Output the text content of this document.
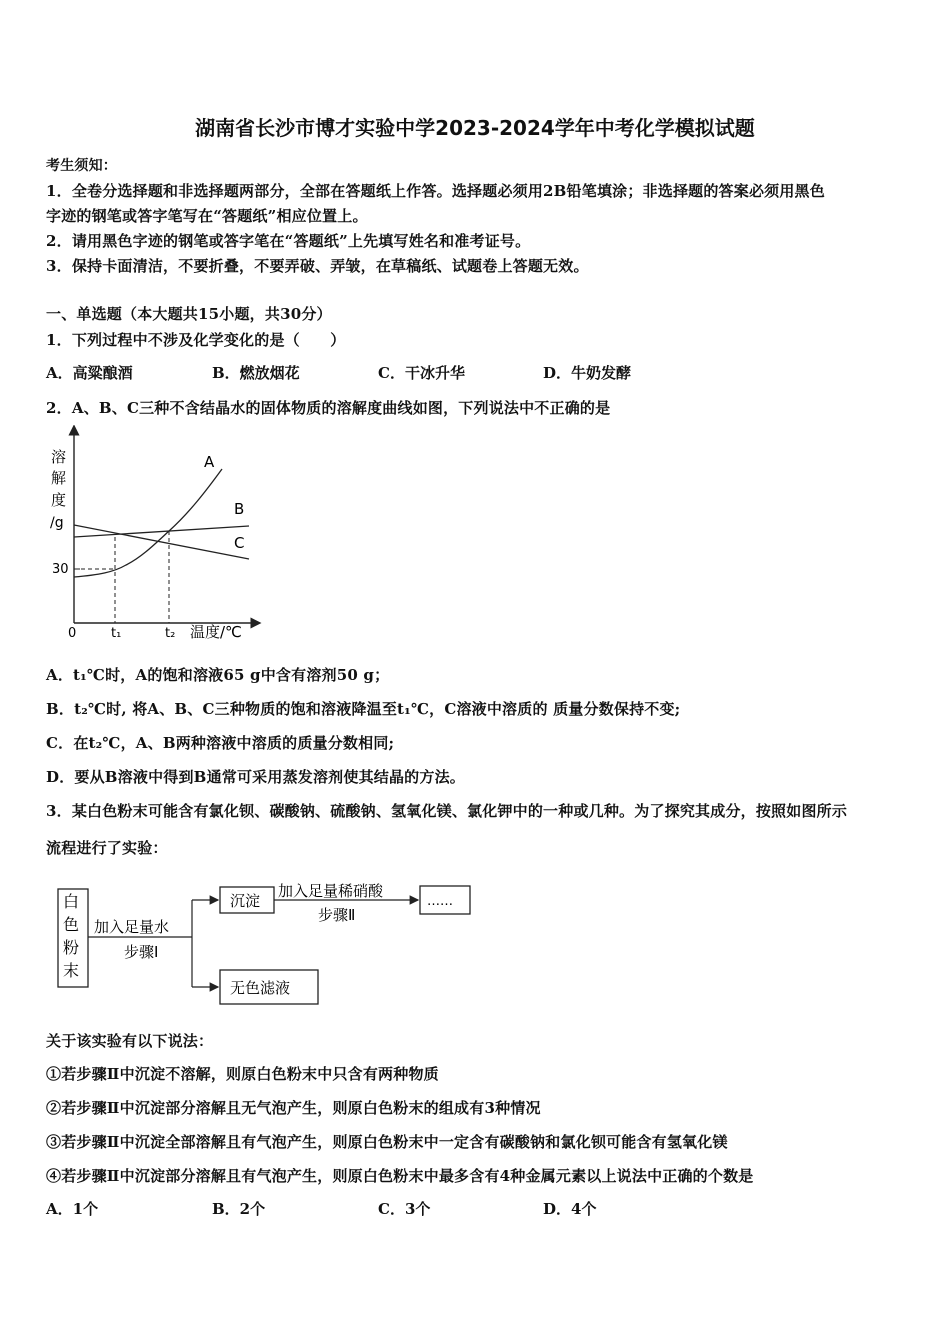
湖南省长沙市博才实验中学2023-2024学年中考化学模拟试题
考生须知：
1．全卷分选择题和非选择题两部分，全部在答题纸上作答。选择题必须用2B铅笔填涂；非选择题的答案必须用黑色
字迹的钢笔或答字笔写在“答题纸”相应位置上。
2．请用黑色字迹的钢笔或答字笔在“答题纸”上先填写姓名和准考证号。
3．保持卡面清洁，不要折叠，不要弄破、弄皱，在草稿纸、试题卷上答题无效。
一、单选题（本大题共15小题，共30分）
1．下列过程中不涉及化学变化的是（　　）
A．高粱酿酒	B．燃放烟花	C．干冰升华	D．牛奶发酵
2．A、B、C三种不含结晶水的固体物质的溶解度曲线如图，下列说法中不正确的是
溶
解
度
/g
30
0	t₁	t₂ 温度/℃
A
B
C
A．t₁℃时，A的饱和溶液65 g中含有溶剂50 g；
B．t₂℃时, 将A、B、C三种物质的饱和溶液降温至t₁℃，C溶液中溶质的 质量分数保持不变;
C．在t₂℃，A、B两种溶液中溶质的质量分数相同;
D．要从B溶液中得到B通常可采用蒸发溶剂使其结晶的方法。
3．某白色粉末可能含有氯化钡、碳酸钠、硫酸钠、氢氧化镁、氯化钾中的一种或几种。为了探究其成分，按照如图所示
流程进行了实验：
白
色
粉
末
加入足量水
步骤Ⅰ
沉淀
加入足量稀硝酸
步骤Ⅱ
……
无色滤液
关于该实验有以下说法：
①若步骤Ⅱ中沉淀不溶解，则原白色粉末中只含有两种物质
②若步骤Ⅱ中沉淀部分溶解且无气泡产生，则原白色粉末的组成有3种情况
③若步骤Ⅱ中沉淀全部溶解且有气泡产生，则原白色粉末中一定含有碳酸钠和氯化钡可能含有氢氧化镁
④若步骤Ⅱ中沉淀部分溶解且有气泡产生，则原白色粉末中最多含有4种金属元素以上说法中正确的个数是
A．1个	B．2个	C．3个	D．4个
